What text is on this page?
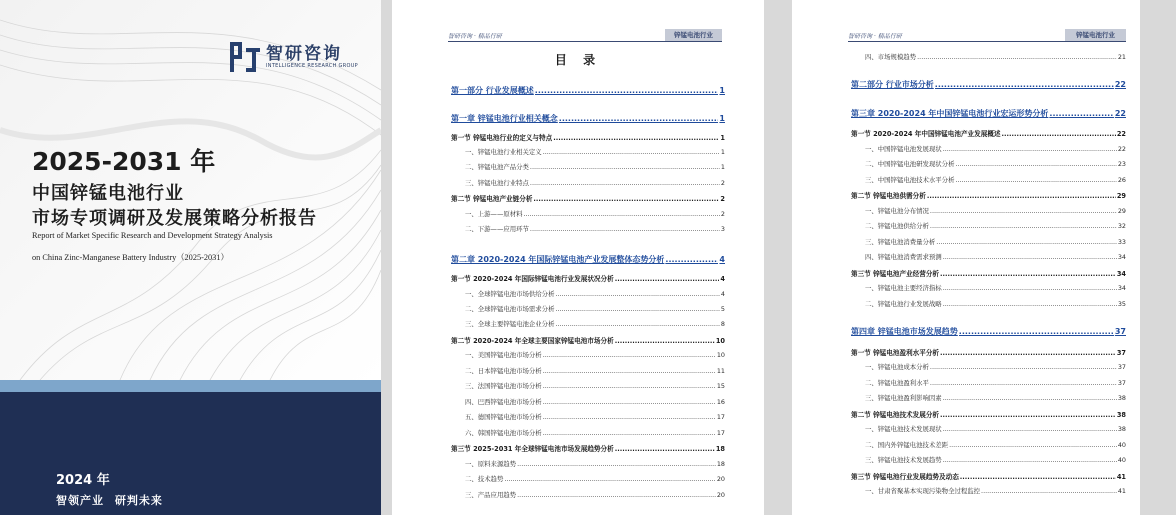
智研咨询
INTELLIGENCE RESEARCH GROUP
2025-2031 年
中国锌锰电池行业
市场专项调研及发展策略分析报告
Report of Market Specific Research and Development Strategy Analysis
on China Zinc-Manganese Battery Industry（2025-2031）
2024 年
智领产业 研判未来
智研咨询 · 精品行研	锌锰电池行业
目 录
第一部分 行业发展概述 .....	1
第一章 锌锰电池行业相关概念 .....	1
第一节 锌锰电池行业的定义与特点 .....	1
一、锌锰电池行业相关定义 .....	1
二、锌锰电池产品分类 .....	1
三、锌锰电池行业特点 .....	2
第二节 锌锰电池产业链分析 .....	2
一、上游——原材料 .....	2
二、下游——应用环节 .....	3
第二章 2020-2024 年国际锌锰电池产业发展整体态势分析 .....	4
第一节 2020-2024 年国际锌锰电池行业发展状况分析 .....	4
一、全球锌锰电池市场供给分析 .....	4
二、全球锌锰电池市场需求分析 .....	5
三、全球主要锌锰电池企业分析 .....	8
第二节 2020-2024 年全球主要国家锌锰电池市场分析 .....	10
一、美国锌锰电池市场分析 .....	10
二、日本锌锰电池市场分析 .....	11
三、法国锌锰电池市场分析 .....	15
四、巴西锌锰电池市场分析 .....	16
五、德国锌锰电池市场分析 .....	17
六、韩国锌锰电池市场分析 .....	17
第三节 2025-2031 年全球锌锰电池市场发展趋势分析 .....	18
一、原料来源趋势 .....	18
二、技术趋势 .....	20
三、产品应用趋势 .....	20
智研咨询 · 精品行研	锌锰电池行业
四、市场规模趋势 .....	21
第二部分 行业市场分析 .....	22
第三章 2020-2024 年中国锌锰电池行业宏运形势分析 .....	22
第一节 2020-2024 年中国锌锰电池产业发展概述 .....	22
一、中国锌锰电池发展现状 .....	22
二、中国锌锰电池研发现状分析 .....	23
三、中国锌锰电池技术水平分析 .....	26
第二节 锌锰电池供需分析 .....	29
一、锌锰电池分布情况 .....	29
二、锌锰电池供给分析 .....	32
三、锌锰电池消费量分析 .....	33
四、锌锰电池消费需求预测 .....	34
第三节 锌锰电池产业经营分析 .....	34
一、锌锰电池主要经济指标 .....	34
二、锌锰电池行业发展战略 .....	35
第四章 锌锰电池市场发展趋势 .....	37
第一节 锌锰电池盈利水平分析 .....	37
一、锌锰电池成本分析 .....	37
二、锌锰电池盈利水平 .....	37
三、锌锰电池盈利影响因素 .....	38
第二节 锌锰电池技术发展分析 .....	38
一、锌锰电池技术发展现状 .....	38
二、国内外锌锰电池技术差距 .....	40
三、锌锰电池技术发展趋势 .....	40
第三节 锌锰电池行业发展趋势及动态 .....	41
一、甘肃省聚基本实现污染物全过程监控 .....	41
